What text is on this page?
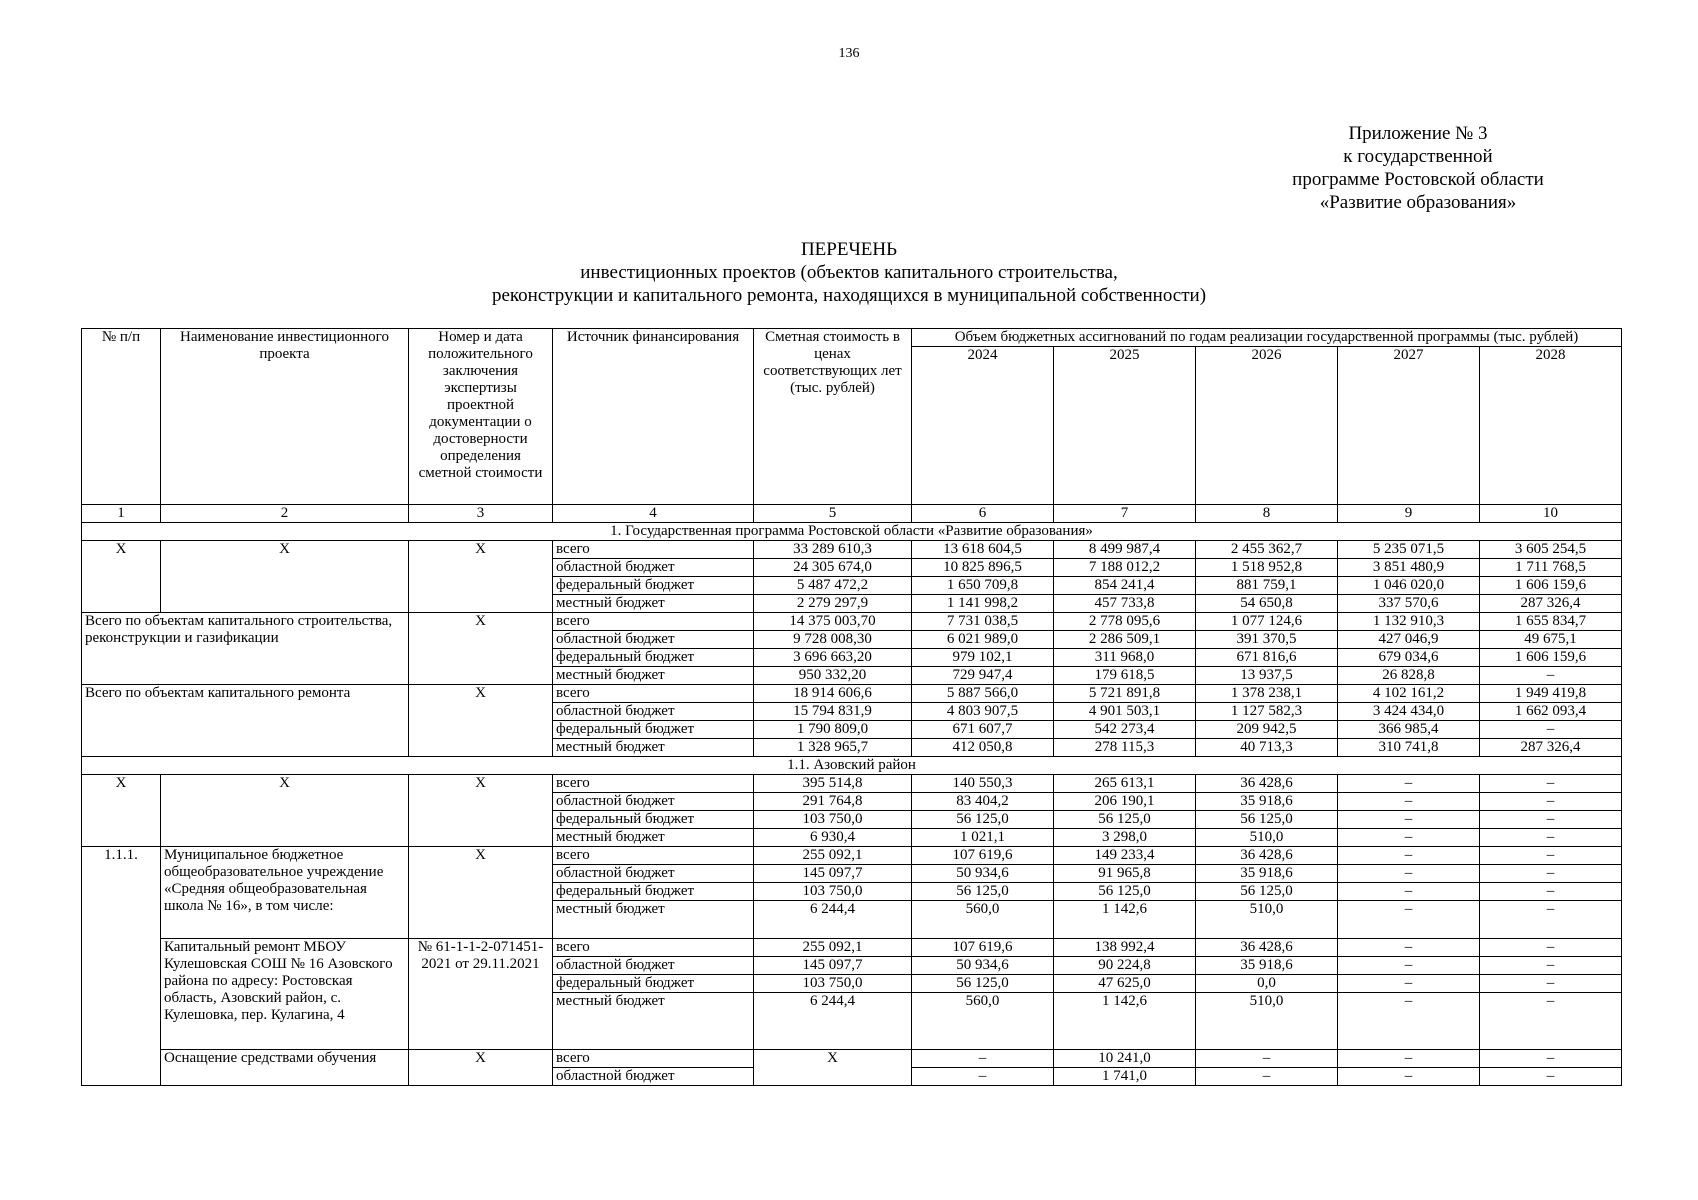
136
Приложение № 3
к государственной
программе Ростовской области
«Развитие образования»
ПЕРЕЧЕНЬ
инвестиционных проектов (объектов капитального строительства,
реконструкции и капитального ремонта, находящихся в муниципальной собственности)
№ п/п	Наименование инвестиционного проекта	Номер и дата положительного заключения экспертизы проектной документации о достоверности определения сметной стоимости	Источник финансирования	Сметная стоимость в ценах соответствующих лет (тыс. рублей)	Объем бюджетных ассигнований по годам реализации государственной программы (тыс. рублей)				
					2024	2025	2026	2027	2028
1	2	3	4	5	6	7	8	9	10
1. Государственная программа Ростовской области «Развитие образования»									
X	X	X	всего	33 289 610,3	13 618 604,5	8 499 987,4	2 455 362,7	5 235 071,5	3 605 254,5
			областной бюджет	24 305 674,0	10 825 896,5	7 188 012,2	1 518 952,8	3 851 480,9	1 711 768,5
			федеральный бюджет	5 487 472,2	1 650 709,8	854 241,4	881 759,1	1 046 020,0	1 606 159,6
			местный бюджет	2 279 297,9	1 141 998,2	457 733,8	54 650,8	337 570,6	287 326,4
Всего по объектам капитального строительства, реконструкции и газификации		X	всего	14 375 003,70	7 731 038,5	2 778 095,6	1 077 124,6	1 132 910,3	1 655 834,7
			областной бюджет	9 728 008,30	6 021 989,0	2 286 509,1	391 370,5	427 046,9	49 675,1
			федеральный бюджет	3 696 663,20	979 102,1	311 968,0	671 816,6	679 034,6	1 606 159,6
			местный бюджет	950 332,20	729 947,4	179 618,5	13 937,5	26 828,8	–
Всего по объектам капитального ремонта		X	всего	18 914 606,6	5 887 566,0	5 721 891,8	1 378 238,1	4 102 161,2	1 949 419,8
			областной бюджет	15 794 831,9	4 803 907,5	4 901 503,1	1 127 582,3	3 424 434,0	1 662 093,4
			федеральный бюджет	1 790 809,0	671 607,7	542 273,4	209 942,5	366 985,4	–
			местный бюджет	1 328 965,7	412 050,8	278 115,3	40 713,3	310 741,8	287 326,4
1.1. Азовский район									
X	X	X	всего	395 514,8	140 550,3	265 613,1	36 428,6	–	–
			областной бюджет	291 764,8	83 404,2	206 190,1	35 918,6	–	–
			федеральный бюджет	103 750,0	56 125,0	56 125,0	56 125,0	–	–
			местный бюджет	6 930,4	1 021,1	3 298,0	510,0	–	–
1.1.1.	Муниципальное бюджетное общеобразовательное учреждение «Средняя общеобразовательная школа № 16», в том числе:	X	всего	255 092,1	107 619,6	149 233,4	36 428,6	–	–
			областной бюджет	145 097,7	50 934,6	91 965,8	35 918,6	–	–
			федеральный бюджет	103 750,0	56 125,0	56 125,0	56 125,0	–	–
			местный бюджет	6 244,4	560,0	1 142,6	510,0	–	–
	Капитальный ремонт МБОУ Кулешовская СОШ № 16 Азовского района по адресу: Ростовская область, Азовский район, с. Кулешовка, пер. Кулагина, 4	№ 61-1-1-2-071451-2021 от 29.11.2021	всего	255 092,1	107 619,6	138 992,4	36 428,6	–	–
			областной бюджет	145 097,7	50 934,6	90 224,8	35 918,6	–	–
			федеральный бюджет	103 750,0	56 125,0	47 625,0	0,0	–	–
			местный бюджет	6 244,4	560,0	1 142,6	510,0	–	–
	Оснащение средствами обучения	X	всего	X	–	10 241,0	–	–	–
			областной бюджет		–	1 741,0	–	–	–
